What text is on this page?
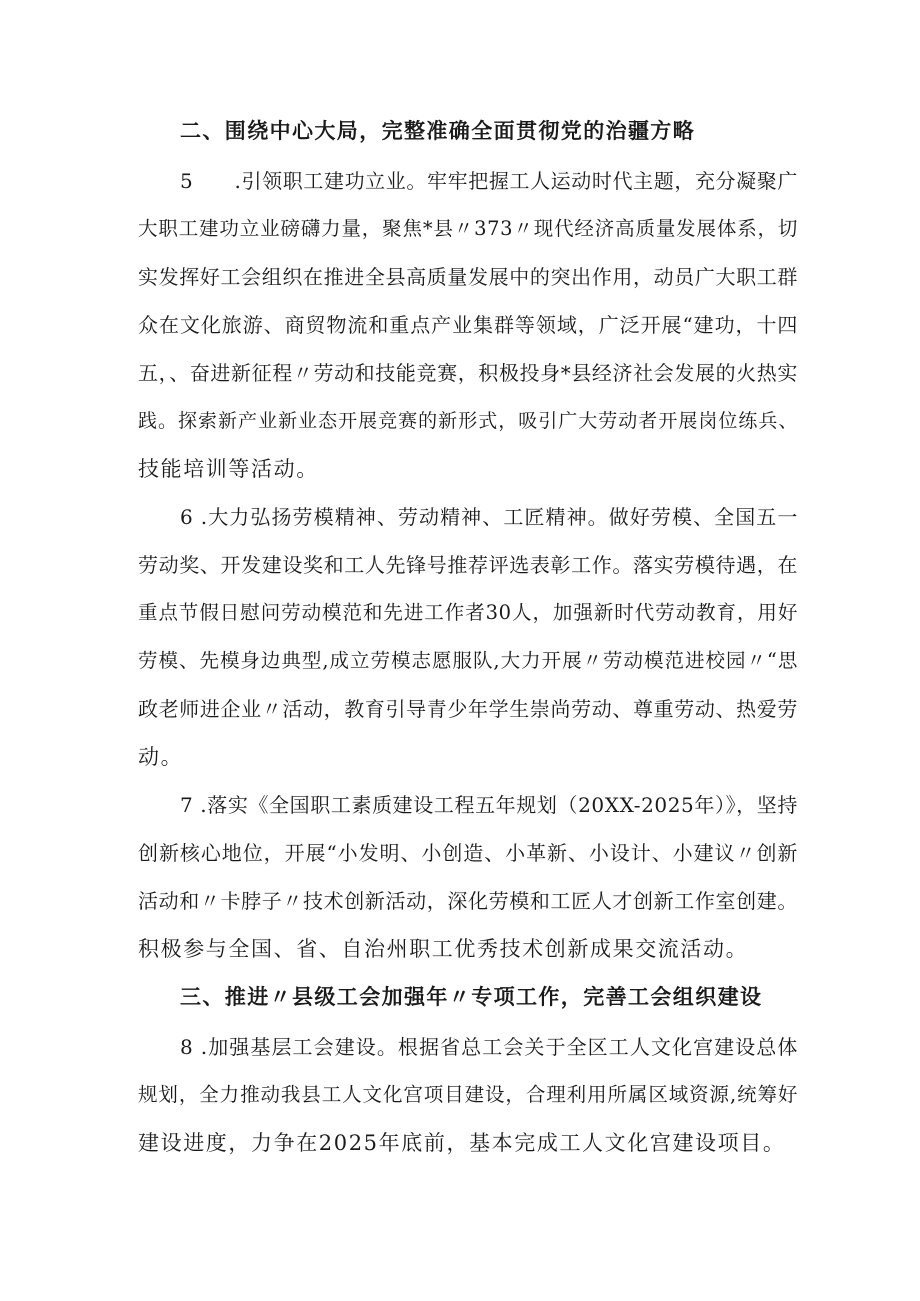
二、围绕中心大局，完整准确全面贯彻党的治疆方略
5　　.引领职工建功立业。牢牢把握工人运动时代主题，充分凝聚广
大职工建功立业磅礴力量，聚焦*县〃373〃现代经济高质量发展体系，切
实发挥好工会组织在推进全县高质量发展中的突出作用，动员广大职工群
众在文化旅游、商贸物流和重点产业集群等领域，广泛开展“建功，十四
五，、奋进新征程〃劳动和技能竞赛，积极投身*县经济社会发展的火热实
践。探索新产业新业态开展竞赛的新形式，吸引广大劳动者开展岗位练兵、
技能培训等活动。
6 .大力弘扬劳模精神、劳动精神、工匠精神。做好劳模、全国五一
劳动奖、开发建设奖和工人先锋号推荐评选表彰工作。落实劳模待遇，在
重点节假日慰问劳动模范和先进工作者30人，加强新时代劳动教育，用好
劳模、先模身边典型,成立劳模志愿服队,大力开展〃劳动模范进校园〃“思
政老师进企业〃活动，教育引导青少年学生崇尚劳动、尊重劳动、热爱劳
动。
7 .落实《全国职工素质建设工程五年规划（20XX-2025年）》，坚持
创新核心地位，开展“小发明、小创造、小革新、小设计、小建议〃创新
活动和〃卡脖子〃技术创新活动，深化劳模和工匠人才创新工作室创建。
积极参与全国、省、自治州职工优秀技术创新成果交流活动。
三、推进〃县级工会加强年〃专项工作，完善工会组织建设
8 .加强基层工会建设。根据省总工会关于全区工人文化宫建设总体
规划，全力推动我县工人文化宫项目建设，合理利用所属区域资源,统筹好
建设进度，力争在2025年底前，基本完成工人文化宫建设项目。
